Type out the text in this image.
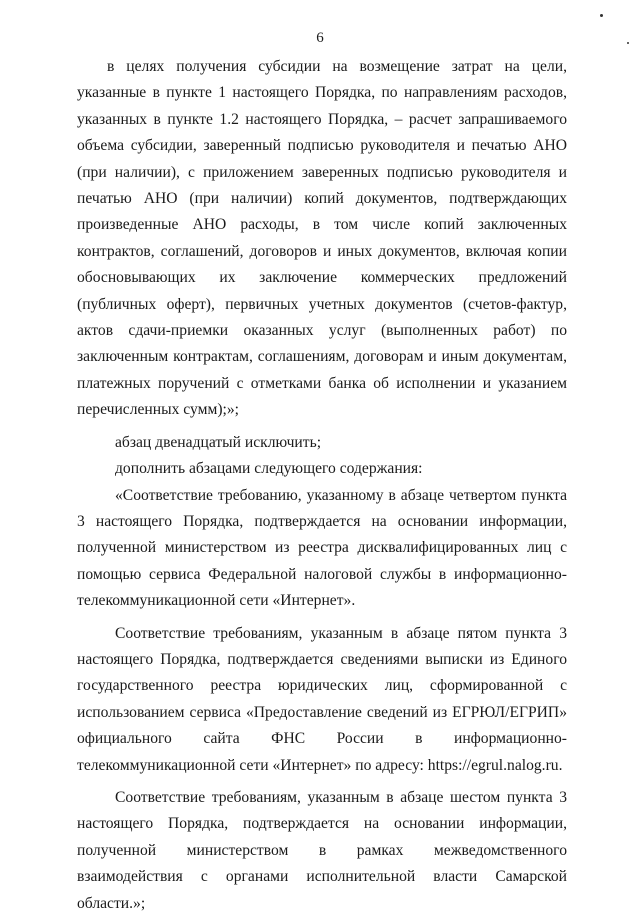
6

в целях получения субсидии на возмещение затрат на цели, указанные в пункте 1 настоящего Порядка, по направлениям расходов, указанных в пункте 1.2 настоящего Порядка, – расчет запрашиваемого объема субсидии, заверенный подписью руководителя и печатью АНО (при наличии), с приложением заверенных подписью руководителя и печатью АНО (при наличии) копий документов, подтверждающих произведенные АНО расходы, в том числе копий заключенных контрактов, соглашений, договоров и иных документов, включая копии обосновывающих их заключение коммерческих предложений (публичных оферт), первичных учетных документов (счетов-фактур, актов сдачи-приемки оказанных услуг (выполненных работ) по заключенным контрактам, соглашениям, договорам и иным документам, платежных поручений с отметками банка об исполнении и указанием перечисленных сумм);»;

абзац двенадцатый исключить;

дополнить абзацами следующего содержания:

«Соответствие требованию, указанному в абзаце четвертом пункта 3 настоящего Порядка, подтверждается на основании информации, полученной министерством из реестра дисквалифицированных лиц с помощью сервиса Федеральной налоговой службы в информационно-телекоммуникационной сети «Интернет».

Соответствие требованиям, указанным в абзаце пятом пункта 3 настоящего Порядка, подтверждается сведениями выписки из Единого государственного реестра юридических лиц, сформированной с использованием сервиса «Предоставление сведений из ЕГРЮЛ/ЕГРИП» официального сайта ФНС России в информационно-телекоммуникационной сети «Интернет» по адресу: https://egrul.nalog.ru.

Соответствие требованиям, указанным в абзаце шестом пункта 3 настоящего Порядка, подтверждается на основании информации, полученной министерством в рамках межведомственного взаимодействия с органами исполнительной власти Самарской области.»;
